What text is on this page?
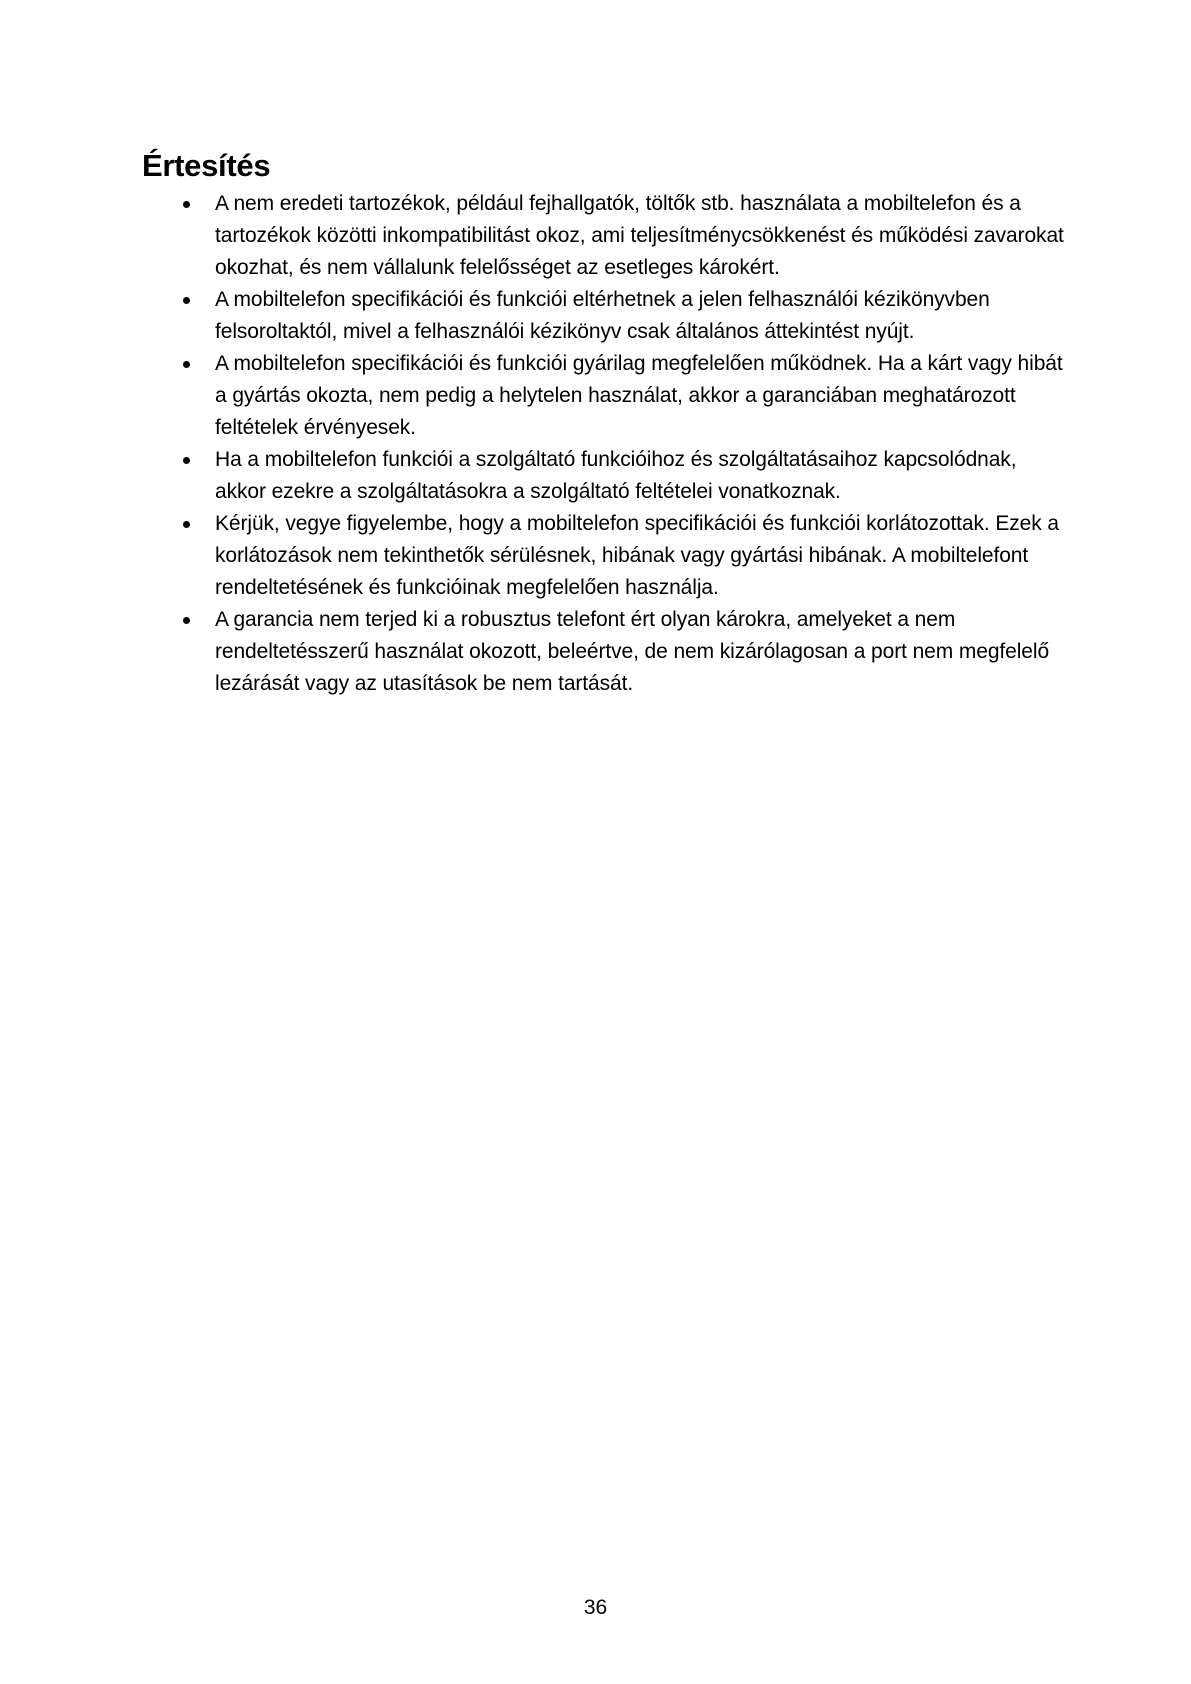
Értesítés
A nem eredeti tartozékok, például fejhallgatók, töltők stb. használata a mobiltelefon és a tartozékok közötti inkompatibilitást okoz, ami teljesítménycsökkenést és működési zavarokat okozhat, és nem vállalunk felelősséget az esetleges károkért.
A mobiltelefon specifikációi és funkciói eltérhetnek a jelen felhasználói kézikönyvben felsoroltaktól, mivel a felhasználói kézikönyv csak általános áttekintést nyújt.
A mobiltelefon specifikációi és funkciói gyárilag megfelelően működnek. Ha a kárt vagy hibát a gyártás okozta, nem pedig a helytelen használat, akkor a garanciában meghatározott feltételek érvényesek.
Ha a mobiltelefon funkciói a szolgáltató funkcióihoz és szolgáltatásaihoz kapcsolódnak, akkor ezekre a szolgáltatásokra a szolgáltató feltételei vonatkoznak.
Kérjük, vegye figyelembe, hogy a mobiltelefon specifikációi és funkciói korlátozottak. Ezek a korlátozások nem tekinthetők sérülésnek, hibának vagy gyártási hibának. A mobiltelefont rendeltetésének és funkcióinak megfelelően használja.
A garancia nem terjed ki a robusztus telefont ért olyan károkra, amelyeket a nem rendeltetésszerű használat okozott, beleértve, de nem kizárólagosan a port nem megfelelő lezárását vagy az utasítások be nem tartását.
36
